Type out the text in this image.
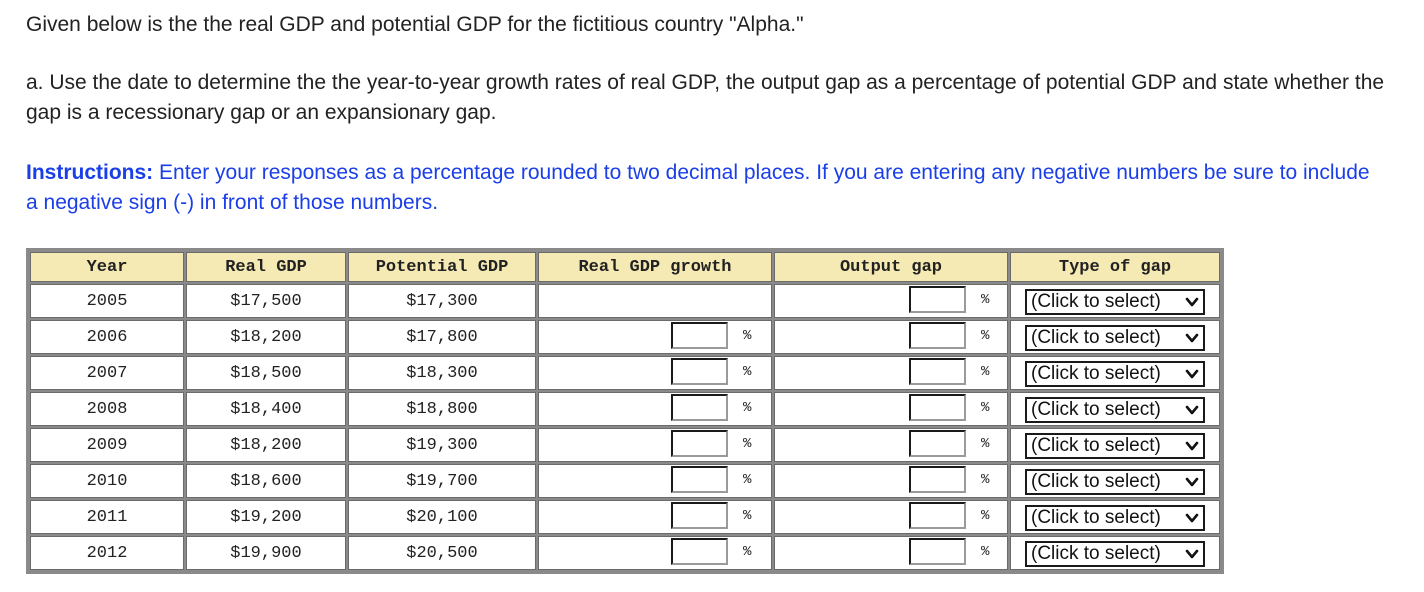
Given below is the the real GDP and potential GDP for the fictitious country "Alpha."

a. Use the date to determine the the year-to-year growth rates of real GDP, the output gap as a percentage of potential GDP and state whether the gap is a recessionary gap or an expansionary gap.

Instructions: Enter your responses as a percentage rounded to two decimal places. If you are entering any negative numbers be sure to include a negative sign (-) in front of those numbers.

Year	Real GDP	Potential GDP	Real GDP growth	Output gap	Type of gap
2005	$17,500	$17,300		%	(Click to select)

2006	$18,200	$17,800	%	%	(Click to select)

2007	$18,500	$18,300	%	%	(Click to select)

2008	$18,400	$18,800	%	%	(Click to select)

2009	$18,200	$19,300	%	%	(Click to select)

2010	$18,600	$19,700	%	%	(Click to select)

2011	$19,200	$20,100	%	%	(Click to select)

2012	$19,900	$20,500	%	%	(Click to select)
